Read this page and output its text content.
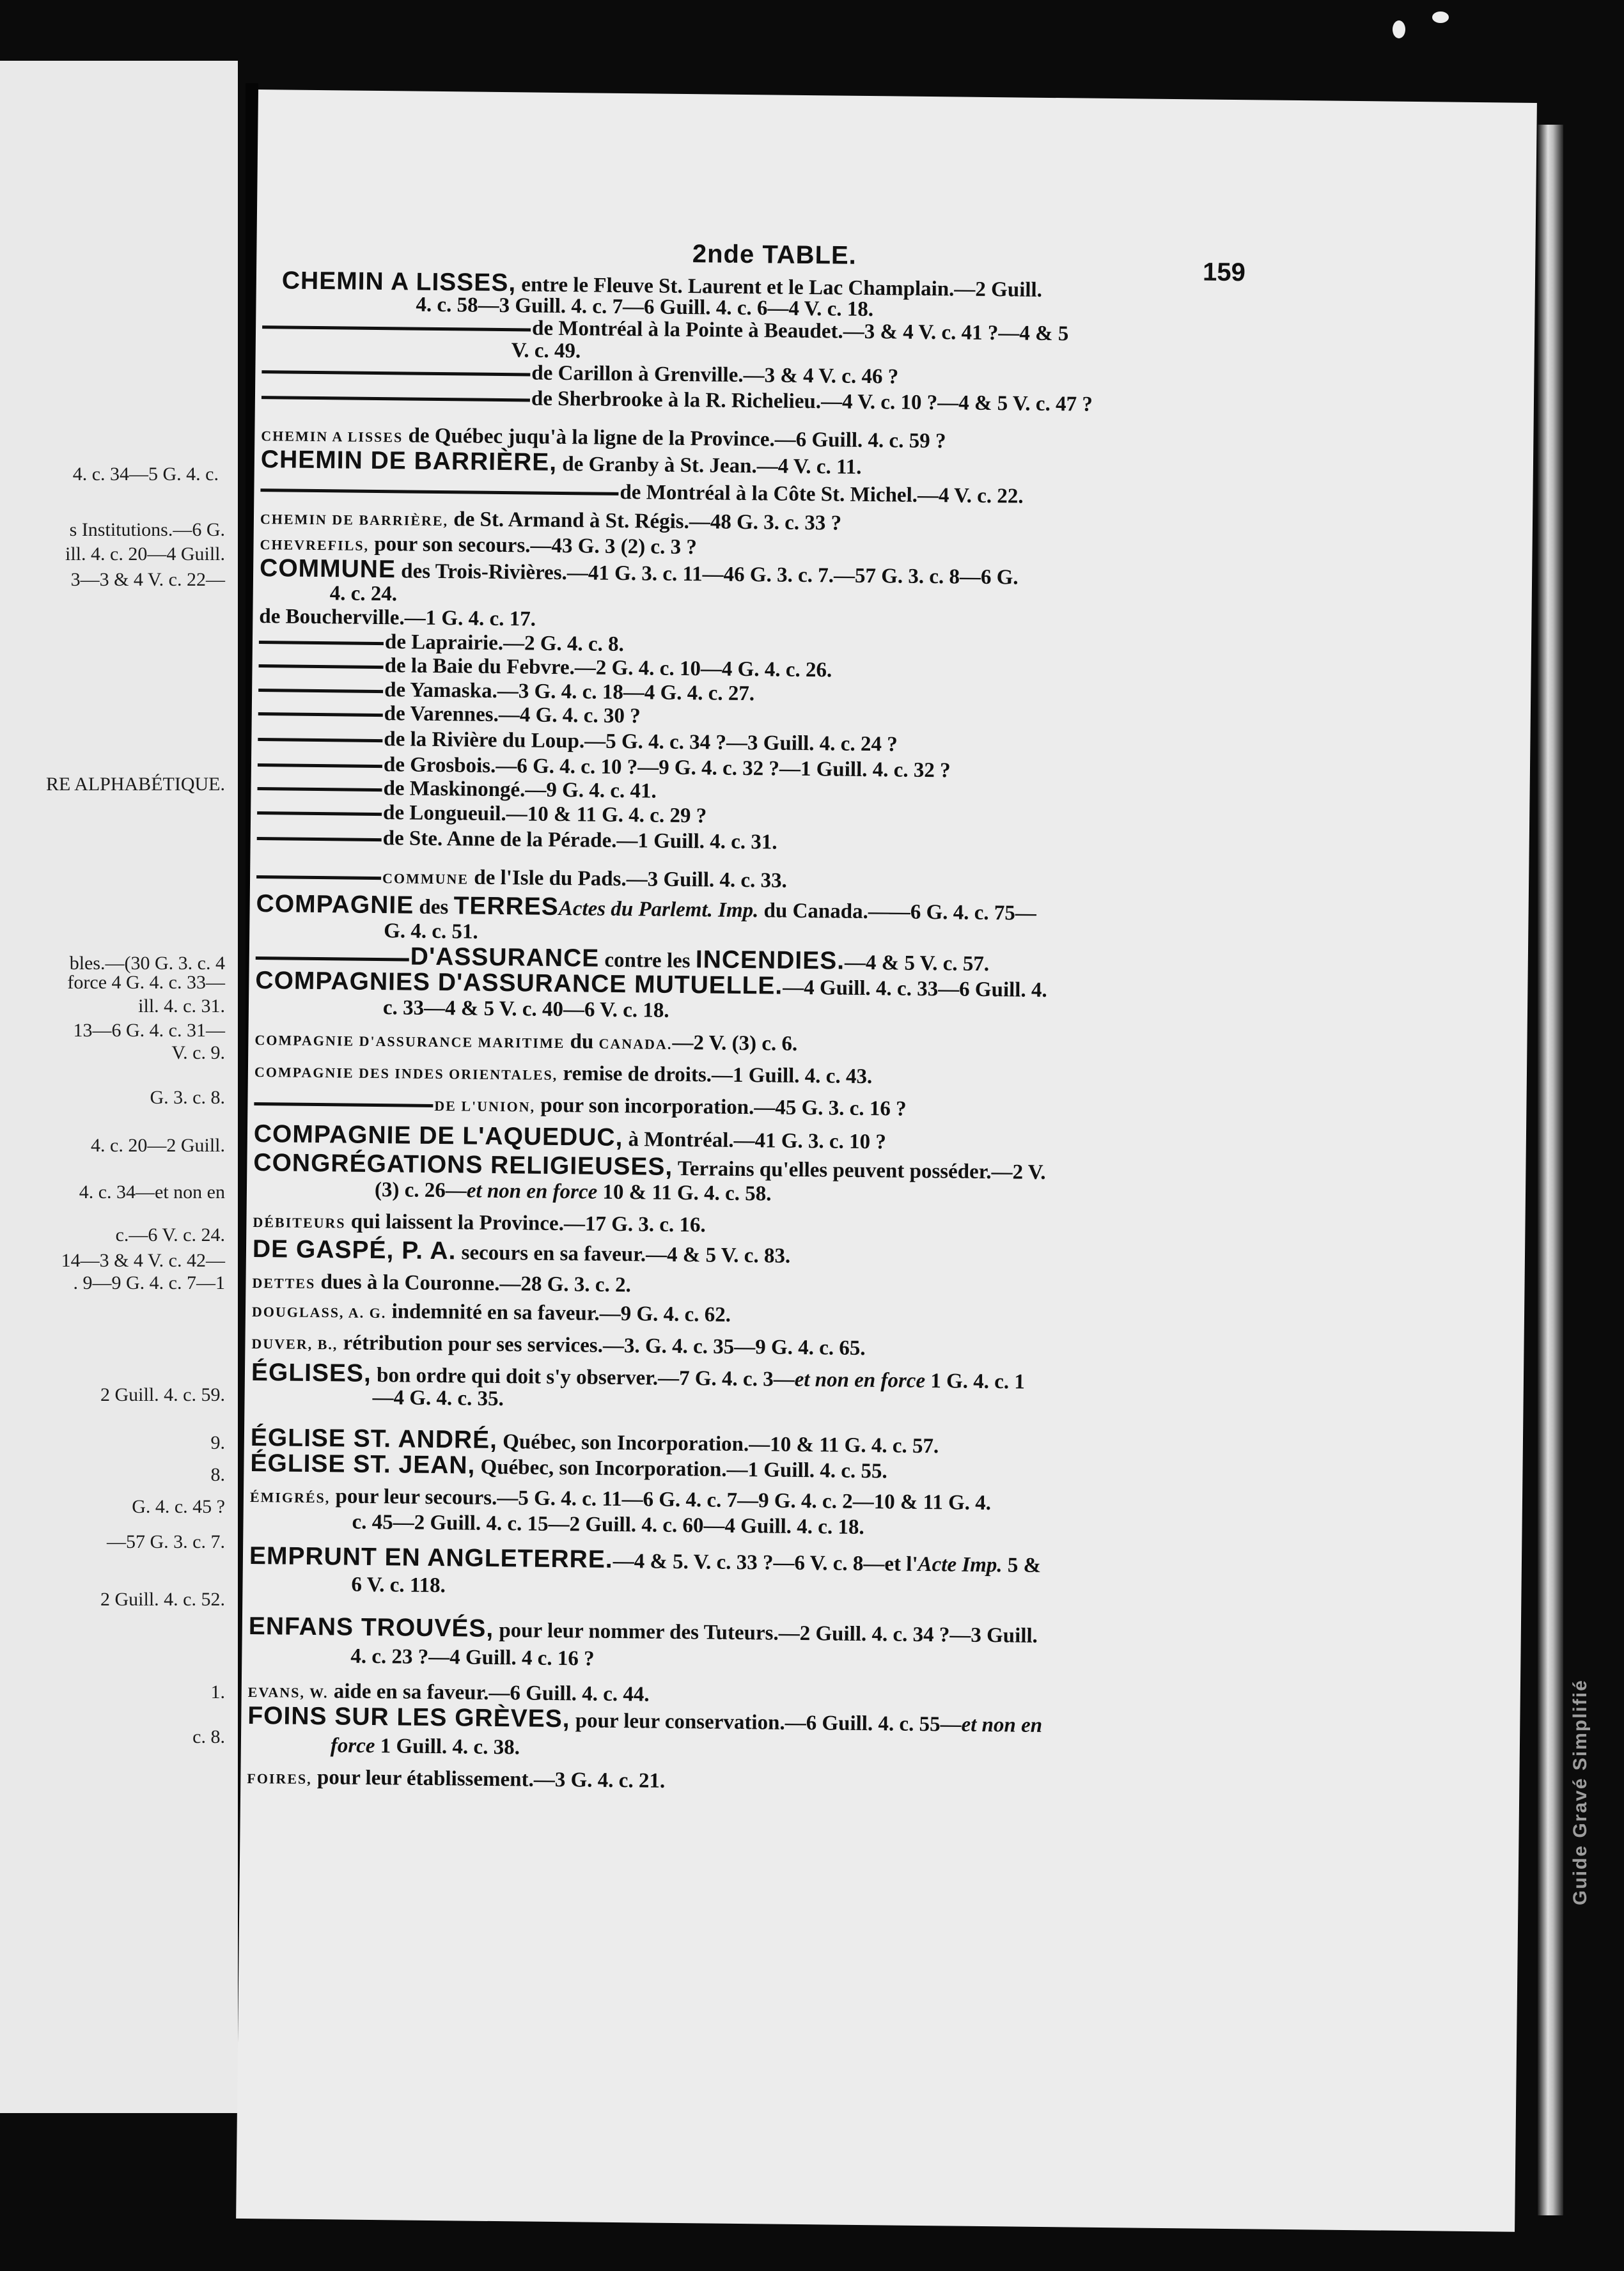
4. c. 34—5 G. 4. c.
s Institutions.—6 G.
ill. 4. c. 20—4 Guill.
3—3 & 4 V. c. 22—
RE ALPHABÉTIQUE.
bles.—(30 G. 3. c. 4
force 4 G. 4. c. 33—
ill. 4. c. 31.
13—6 G. 4. c. 31—
V. c. 9.
G. 3. c. 8.
4. c. 20—2 Guill.
4. c. 34—et non en
c.—6 V. c. 24.
14—3 & 4 V. c. 42—
. 9—9 G. 4. c. 7—1
2 Guill. 4. c. 59.
9.
8.
G. 4. c. 45 ?
—57 G. 3. c. 7.
2 Guill. 4. c. 52.
1.
c. 8.
2nde TABLE.
159
CHEMIN A LISSES, entre le Fleuve St. Laurent et le Lac Champlain.—2 Guill.
4. c. 58—3 Guill. 4. c. 7—6 Guill. 4. c. 6—4 V. c. 18.
de Montréal à la Pointe à Beaudet.—3 & 4 V. c. 41 ?—4 & 5
V. c. 49.
de Carillon à Grenville.—3 & 4 V. c. 46 ?
de Sherbrooke à la R. Richelieu.—4 V. c. 10 ?—4 & 5 V. c. 47 ?
CHEMIN A LISSES de Québec juqu'à la ligne de la Province.—6 Guill. 4. c. 59 ?
CHEMIN DE BARRIÈRE, de Granby à St. Jean.—4 V. c. 11.
de Montréal à la Côte St. Michel.—4 V. c. 22.
CHEMIN DE BARRIÈRE, de St. Armand à St. Régis.—48 G. 3. c. 33 ?
CHEVREFILS, pour son secours.—43 G. 3 (2) c. 3 ?
COMMUNE des Trois-Rivières.—41 G. 3. c. 11—46 G. 3. c. 7.—57 G. 3. c. 8—6 G.
4. c. 24.
de Boucherville.—1 G. 4. c. 17.
de Laprairie.—2 G. 4. c. 8.
de la Baie du Febvre.—2 G. 4. c. 10—4 G. 4. c. 26.
de Yamaska.—3 G. 4. c. 18—4 G. 4. c. 27.
de Varennes.—4 G. 4. c. 30 ?
de la Rivière du Loup.—5 G. 4. c. 34 ?—3 Guill. 4. c. 24 ?
de Grosbois.—6 G. 4. c. 10 ?—9 G. 4. c. 32 ?—1 Guill. 4. c. 32 ?
de Maskinongé.—9 G. 4. c. 41.
de Longueuil.—10 & 11 G. 4. c. 29 ?
de Ste. Anne de la Pérade.—1 Guill. 4. c. 31.
COMMUNE de l'Isle du Pads.—3 Guill. 4. c. 33.
COMPAGNIE des TERRESActes du Parlemt. Imp. du Canada.——6 G. 4. c. 75—
G. 4. c. 51.
D'ASSURANCE contre les INCENDIES.—4 & 5 V. c. 57.
COMPAGNIES D'ASSURANCE MUTUELLE.—4 Guill. 4. c. 33—6 Guill. 4.
c. 33—4 & 5 V. c. 40—6 V. c. 18.
COMPAGNIE D'ASSURANCE MARITIME du CANADA.—2 V. (3) c. 6.
COMPAGNIE DES INDES ORIENTALES, remise de droits.—1 Guill. 4. c. 43.
DE L'UNION, pour son incorporation.—45 G. 3. c. 16 ?
COMPAGNIE DE L'AQUEDUC, à Montréal.—41 G. 3. c. 10 ?
CONGRÉGATIONS RELIGIEUSES, Terrains qu'elles peuvent posséder.—2 V.
(3) c. 26—et non en force 10 & 11 G. 4. c. 58.
DÉBITEURS qui laissent la Province.—17 G. 3. c. 16.
DE GASPÉ, P. A. secours en sa faveur.—4 & 5 V. c. 83.
DETTES dues à la Couronne.—28 G. 3. c. 2.
DOUGLASS, A. G. indemnité en sa faveur.—9 G. 4. c. 62.
DUVER, B., rétribution pour ses services.—3. G. 4. c. 35—9 G. 4. c. 65.
ÉGLISES, bon ordre qui doit s'y observer.—7 G. 4. c. 3—et non en force 1 G. 4. c. 1
—4 G. 4. c. 35.
ÉGLISE ST. ANDRÉ, Québec, son Incorporation.—10 & 11 G. 4. c. 57.
ÉGLISE ST. JEAN, Québec, son Incorporation.—1 Guill. 4. c. 55.
ÉMIGRÉS, pour leur secours.—5 G. 4. c. 11—6 G. 4. c. 7—9 G. 4. c. 2—10 & 11 G. 4.
c. 45—2 Guill. 4. c. 15—2 Guill. 4. c. 60—4 Guill. 4. c. 18.
EMPRUNT EN ANGLETERRE.—4 & 5. V. c. 33 ?—6 V. c. 8—et l'Acte Imp. 5 &
6 V. c. 118.
ENFANS TROUVÉS, pour leur nommer des Tuteurs.—2 Guill. 4. c. 34 ?—3 Guill.
4. c. 23 ?—4 Guill. 4 c. 16 ?
EVANS, W. aide en sa faveur.—6 Guill. 4. c. 44.
FOINS SUR LES GRÈVES, pour leur conservation.—6 Guill. 4. c. 55—et non en
force 1 Guill. 4. c. 38.
FOIRES, pour leur établissement.—3 G. 4. c. 21.	Guide Gravé Simplifié
